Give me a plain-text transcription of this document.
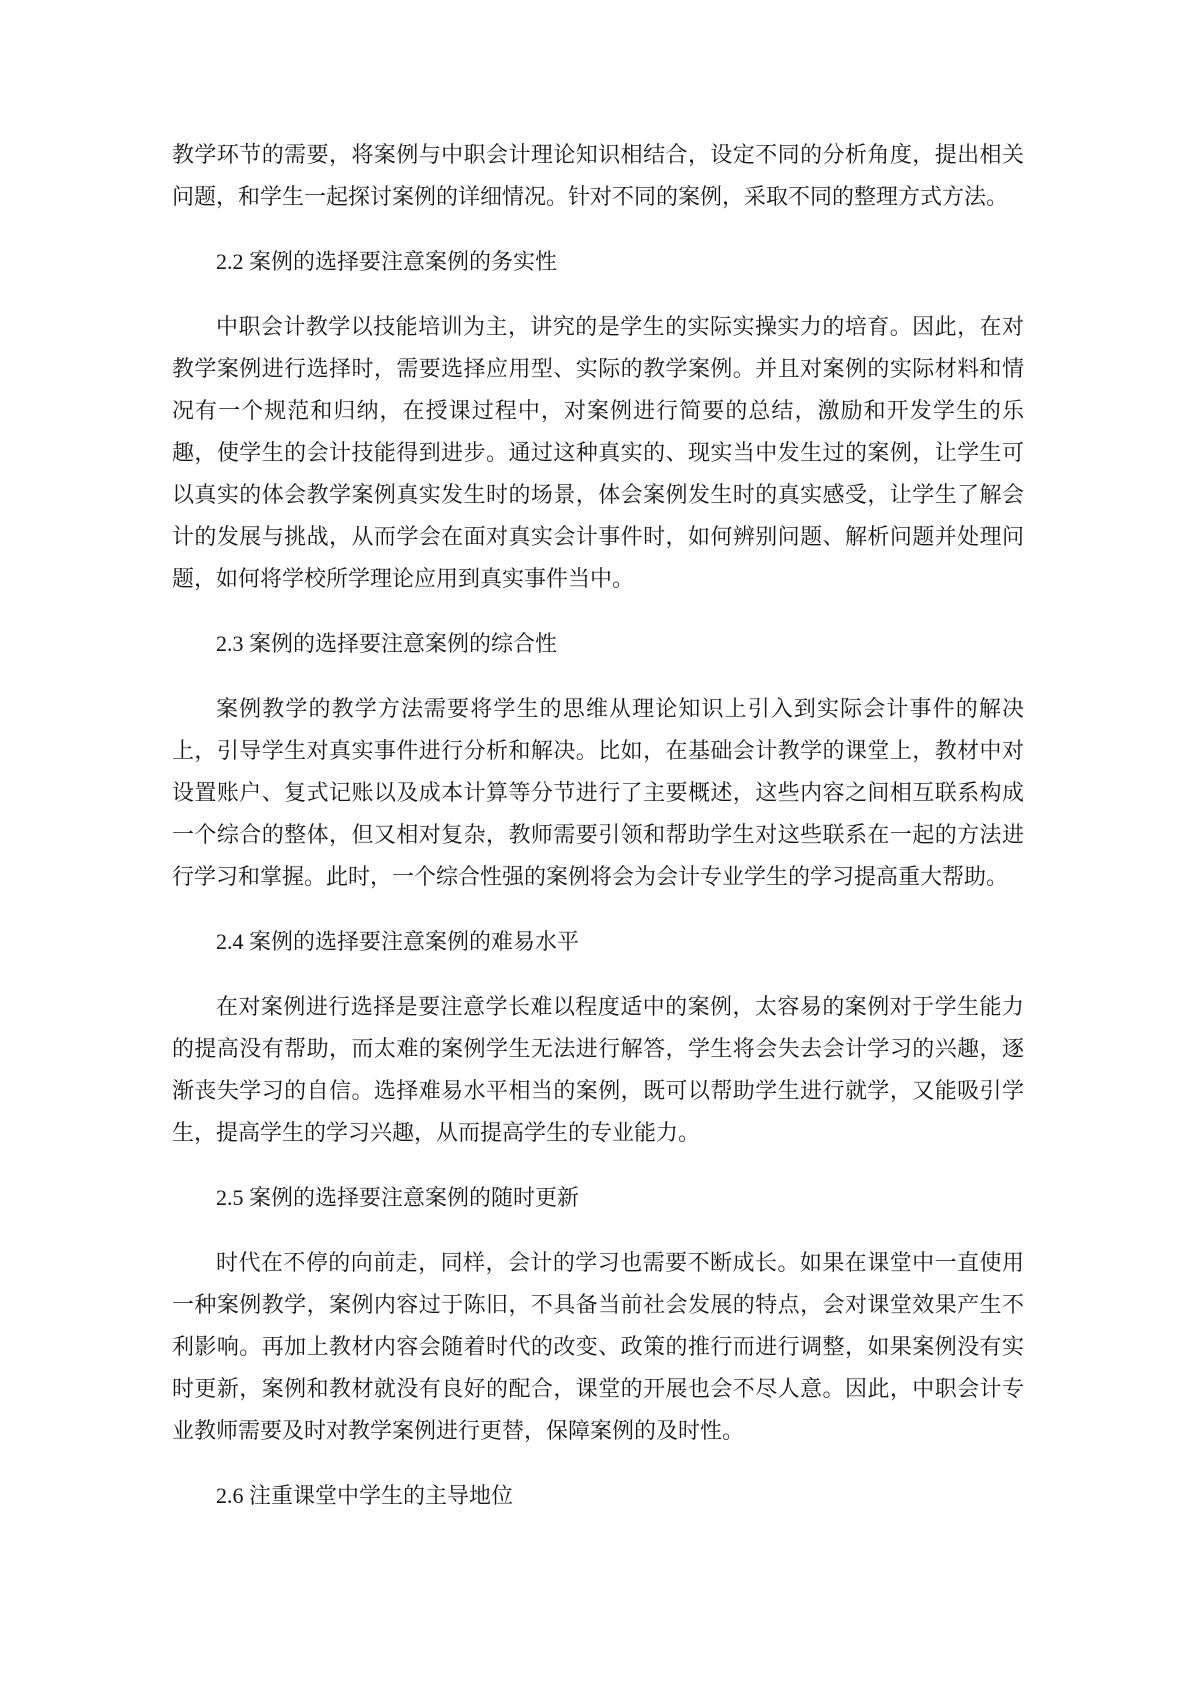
教学环节的需要，将案例与中职会计理论知识相结合，设定不同的分析角度，提出相关问题，和学生一起探讨案例的详细情况。针对不同的案例，采取不同的整理方式方法。

2.2 案例的选择要注意案例的务实性

中职会计教学以技能培训为主，讲究的是学生的实际实操实力的培育。因此，在对教学案例进行选择时，需要选择应用型、实际的教学案例。并且对案例的实际材料和情况有一个规范和归纳，在授课过程中，对案例进行简要的总结，激励和开发学生的乐趣，使学生的会计技能得到进步。通过这种真实的、现实当中发生过的案例，让学生可以真实的体会教学案例真实发生时的场景，体会案例发生时的真实感受，让学生了解会计的发展与挑战，从而学会在面对真实会计事件时，如何辨别问题、解析问题并处理问题，如何将学校所学理论应用到真实事件当中。

2.3 案例的选择要注意案例的综合性

案例教学的教学方法需要将学生的思维从理论知识上引入到实际会计事件的解决上，引导学生对真实事件进行分析和解决。比如，在基础会计教学的课堂上，教材中对设置账户、复式记账以及成本计算等分节进行了主要概述，这些内容之间相互联系构成一个综合的整体，但又相对复杂，教师需要引领和帮助学生对这些联系在一起的方法进行学习和掌握。此时，一个综合性强的案例将会为会计专业学生的学习提高重大帮助。

2.4 案例的选择要注意案例的难易水平

在对案例进行选择是要注意学长难以程度适中的案例，太容易的案例对于学生能力的提高没有帮助，而太难的案例学生无法进行解答，学生将会失去会计学习的兴趣，逐渐丧失学习的自信。选择难易水平相当的案例，既可以帮助学生进行就学，又能吸引学生，提高学生的学习兴趣，从而提高学生的专业能力。

2.5 案例的选择要注意案例的随时更新

时代在不停的向前走，同样，会计的学习也需要不断成长。如果在课堂中一直使用一种案例教学，案例内容过于陈旧，不具备当前社会发展的特点，会对课堂效果产生不利影响。再加上教材内容会随着时代的改变、政策的推行而进行调整，如果案例没有实时更新，案例和教材就没有良好的配合，课堂的开展也会不尽人意。因此，中职会计专业教师需要及时对教学案例进行更替，保障案例的及时性。

2.6 注重课堂中学生的主导地位
